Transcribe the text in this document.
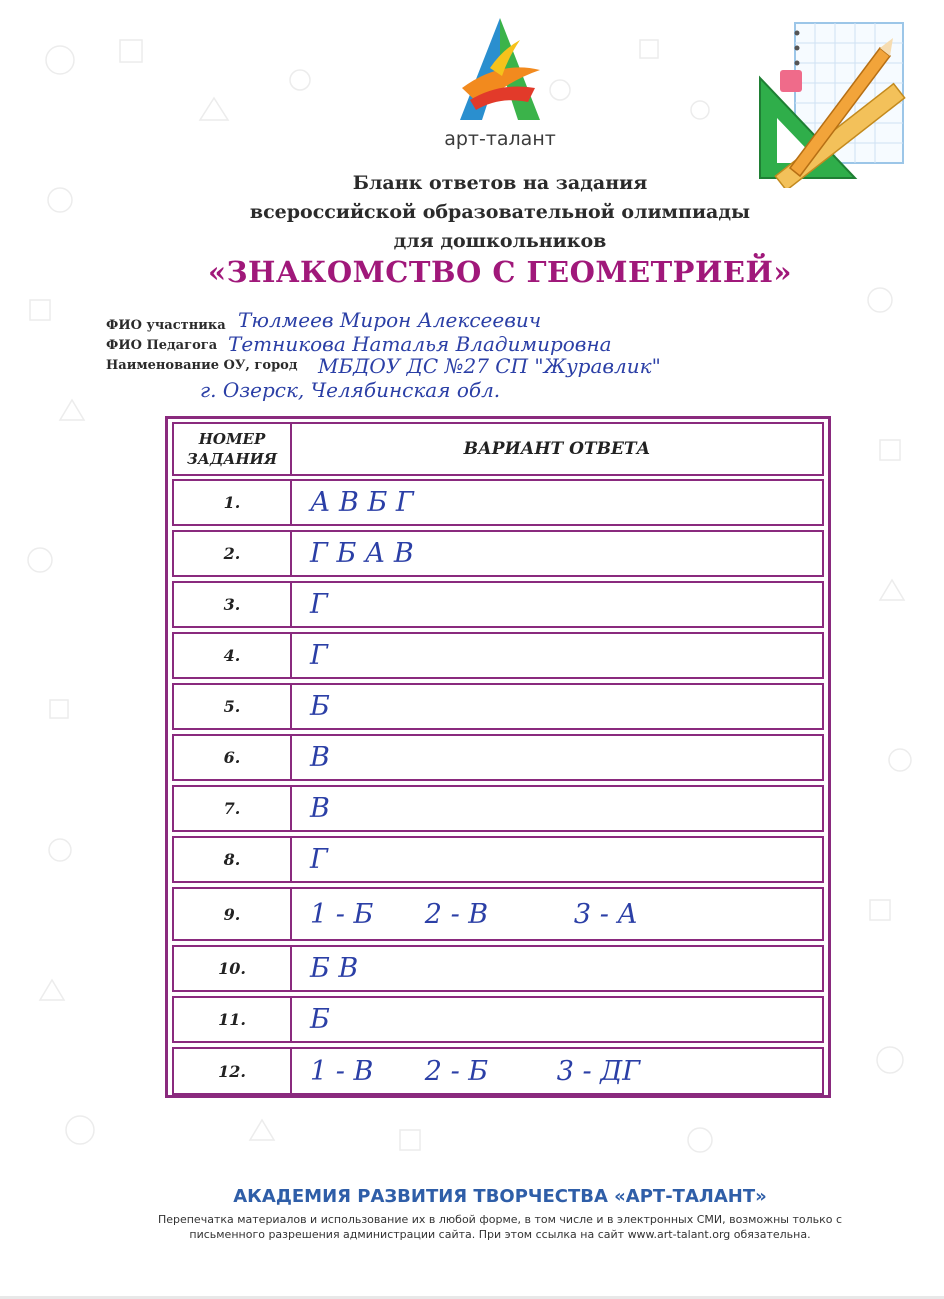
арт-талант
Бланк ответов на задания
всероссийской образовательной олимпиады
для дошкольников
«ЗНАКОМСТВО С ГЕОМЕТРИЕЙ»
ФИО участника Тюлмеев Мирон Алексеевич
ФИО Педагога Тетникова Наталья Владимировна
Наименование ОУ, город МБДОУ ДС №27 СП "Журавлик"
г. Озерск, Челябинская обл.
НОМЕР
ЗАДАНИЯ	ВАРИАНТ ОТВЕТА
1.	А В Б Г
2.	Г Б А В
3.	Г
4.	Г
5.	Б
6.	В
7.	В
8.	Г
9.	1 - Б      2 - В          3 - А
10.	Б В
11.	Б
12.	1 - В      2 - Б        3 - ДГ
АКАДЕМИЯ РАЗВИТИЯ ТВОРЧЕСТВА «АРТ-ТАЛАНТ»
Перепечатка материалов и использование их в любой форме, в том числе и в электронных СМИ, возможны только с
письменного разрешения администрации сайта. При этом ссылка на сайт www.art-talant.org обязательна.
